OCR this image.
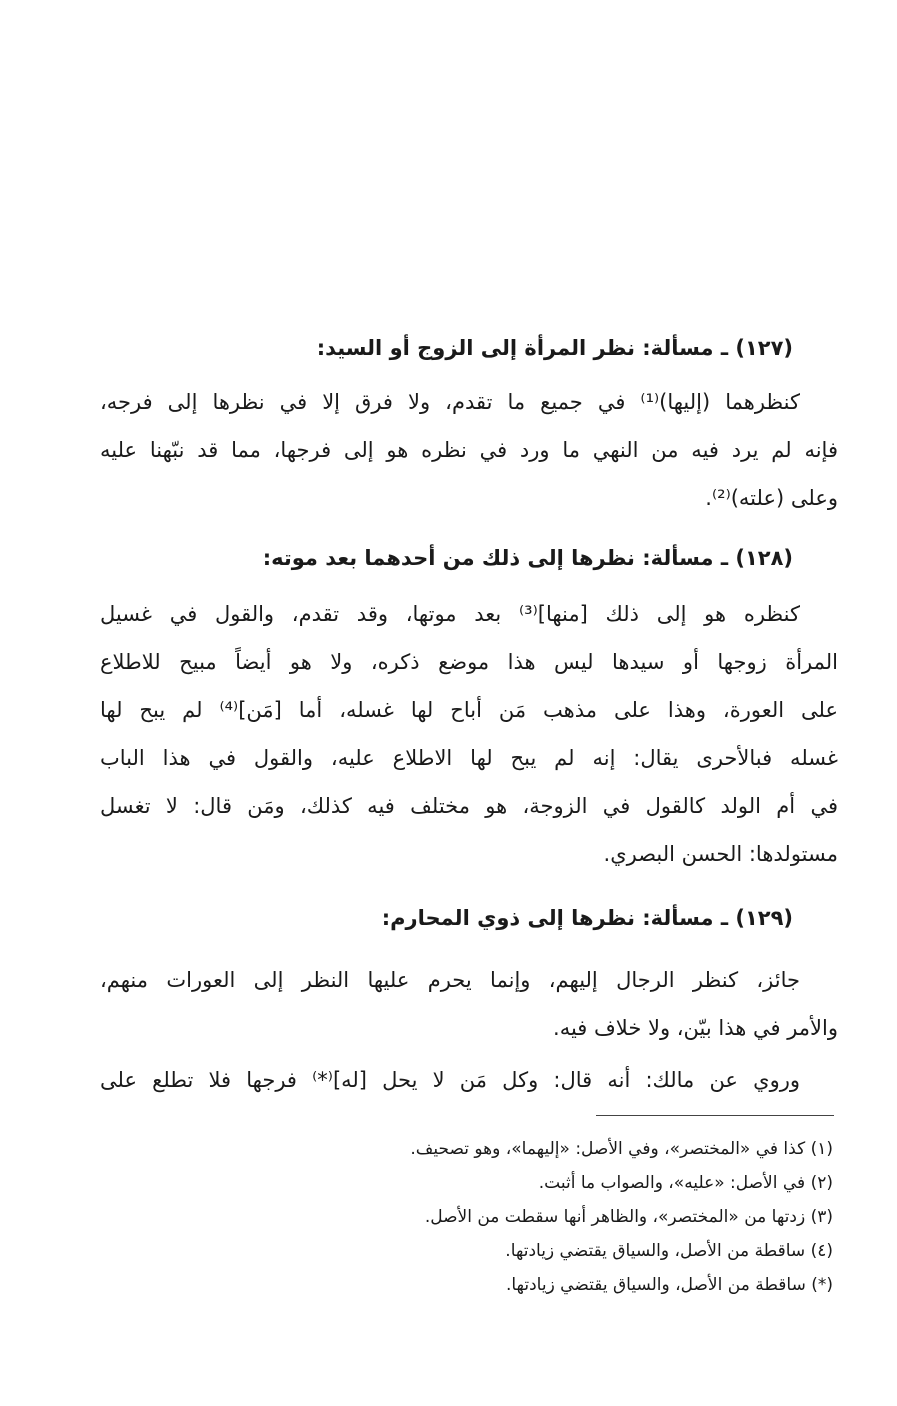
(١٢٧) ـ مسألة: نظر المرأة إلى الزوج أو السيد:
كنظرهما (إليها)⁽¹⁾ في جميع ما تقدم، ولا فرق إلا في نظرها إلى فرجه،
فإنه لم يرد فيه من النهي ما ورد في نظره هو إلى فرجها، مما قد نبّهنا عليه
وعلى (علته)⁽²⁾.
(١٢٨) ـ مسألة: نظرها إلى ذلك من أحدهما بعد موته:
كنظره هو إلى ذلك [منها]⁽³⁾ بعد موتها، وقد تقدم، والقول في غسيل
المرأة زوجها أو سيدها ليس هذا موضع ذكره، ولا هو أيضاً مبيح للاطلاع
على العورة، وهذا على مذهب مَن أباح لها غسله، أما [مَن]⁽⁴⁾ لم يبح لها
غسله فبالأحرى يقال: إنه لم يبح لها الاطلاع عليه، والقول في هذا الباب
في أم الولد كالقول في الزوجة، هو مختلف فيه كذلك، ومَن قال: لا تغسل
مستولدها: الحسن البصري.
(١٢٩) ـ مسألة: نظرها إلى ذوي المحارم:
جائز، كنظر الرجال إليهم، وإنما يحرم عليها النظر إلى العورات منهم،
والأمر في هذا بيّن، ولا خلاف فيه.
وروي عن مالك: أنه قال: وكل مَن لا يحل [له]⁽*⁾ فرجها فلا تطلع على
(١) كذا في «المختصر»، وفي الأصل: «إليهما»، وهو تصحيف.
(٢) في الأصل: «عليه»، والصواب ما أثبت.
(٣) زدتها من «المختصر»، والظاهر أنها سقطت من الأصل.
(٤) ساقطة من الأصل، والسياق يقتضي زيادتها.
(*) ساقطة من الأصل، والسياق يقتضي زيادتها.
